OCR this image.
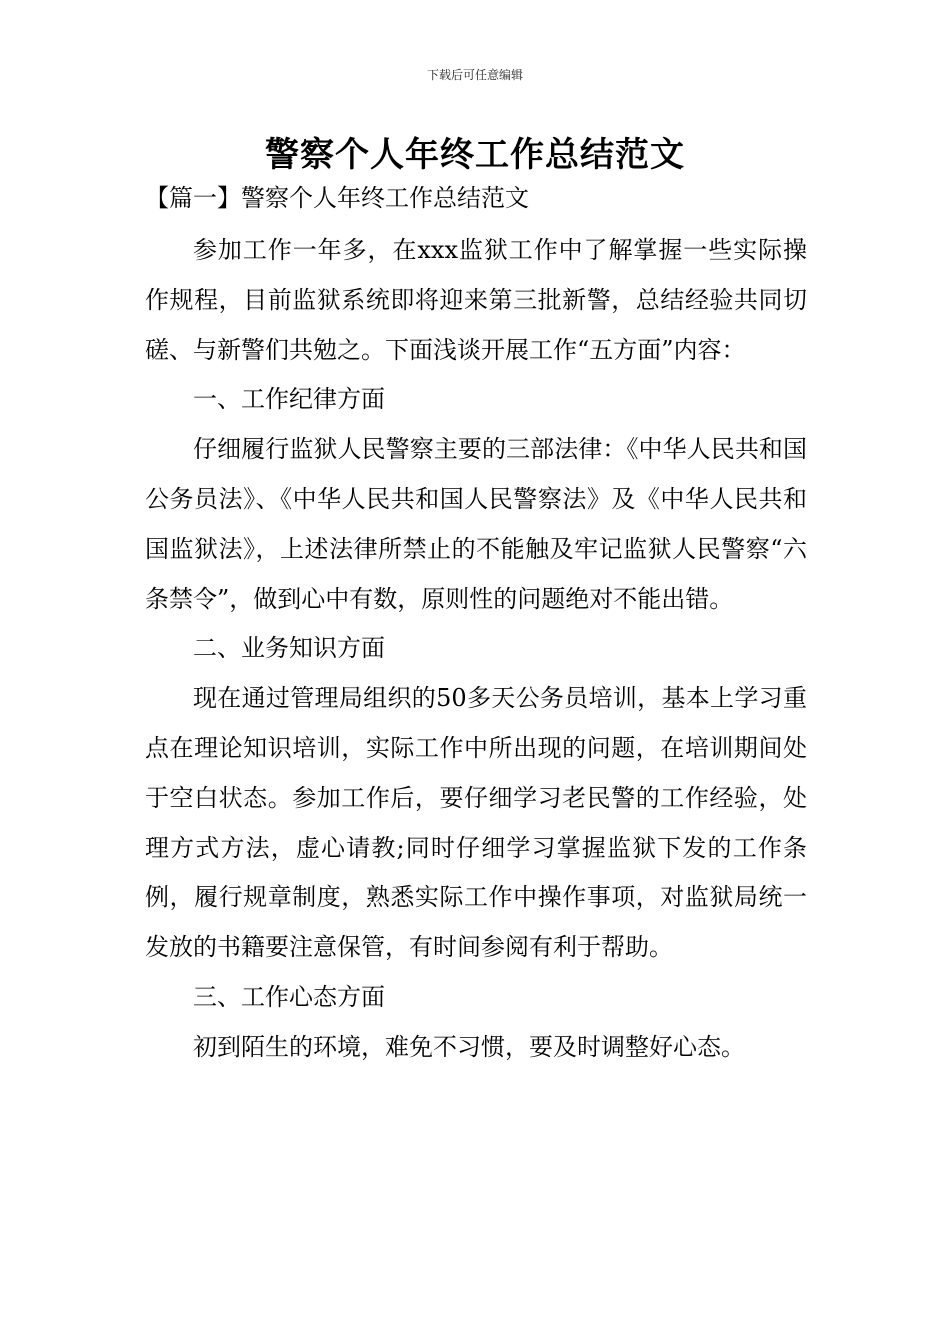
下载后可任意编辑
警察个人年终工作总结范文
【篇一】警察个人年终工作总结范文

参加工作一年多，在xxx监狱工作中了解掌握一些实际操作规程，目前监狱系统即将迎来第三批新警，总结经验共同切磋、与新警们共勉之。下面浅谈开展工作“五方面”内容：

一、工作纪律方面

仔细履行监狱人民警察主要的三部法律：《中华人民共和国公务员法》、《中华人民共和国人民警察法》及《中华人民共和国监狱法》，上述法律所禁止的不能触及牢记监狱人民警察“六条禁令”，做到心中有数，原则性的问题绝对不能出错。

二、业务知识方面

现在通过管理局组织的50多天公务员培训，基本上学习重点在理论知识培训，实际工作中所出现的问题，在培训期间处于空白状态。参加工作后，要仔细学习老民警的工作经验，处理方式方法，虚心请教;同时仔细学习掌握监狱下发的工作条例，履行规章制度，熟悉实际工作中操作事项，对监狱局统一发放的书籍要注意保管，有时间参阅有利于帮助。

三、工作心态方面

初到陌生的环境，难免不习惯，要及时调整好心态。
